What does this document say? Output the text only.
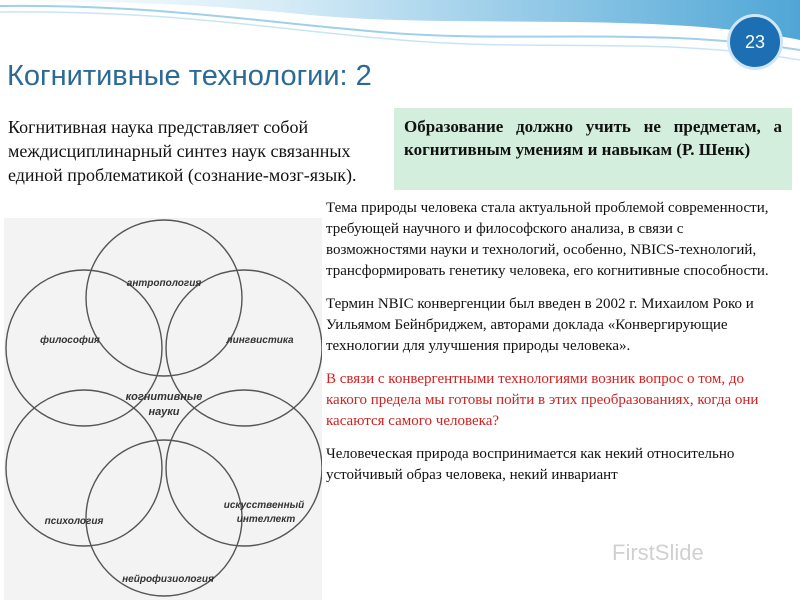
23
Когнитивные технологии: 2
Когнитивная наука представляет собой междисциплинарный синтез наук связанных единой проблематикой (сознание-мозг-язык).
Образование должно учить не предметам, а когнитивным умениям и навыкам (Р. Шенк)

Тема природы человека стала актуальной проблемой современности, требующей научного и философского анализа, в связи с возможностями науки и технологий, особенно, NBICS-технологий, трансформировать генетику человека, его когнитивные способности.

Термин NBIC конвергенции был введен в 2002 г. Михаилом Роко и Уильямом Бейнбриджем, авторами доклада «Конвергирующие технологии для улучшения природы человека».

В связи с конвергентными технологиями возник вопрос о том, до какого предела мы готовы пойти в этих преобразованиях, когда они касаются самого человека?

Человеческая природа воспринимается как некий относительно устойчивый образ человека, некий инвариант

антропология
философия	лингвистика
когнитивные
науки
психология
искусственный
интеллект
нейрофизиология
FirstSlide
